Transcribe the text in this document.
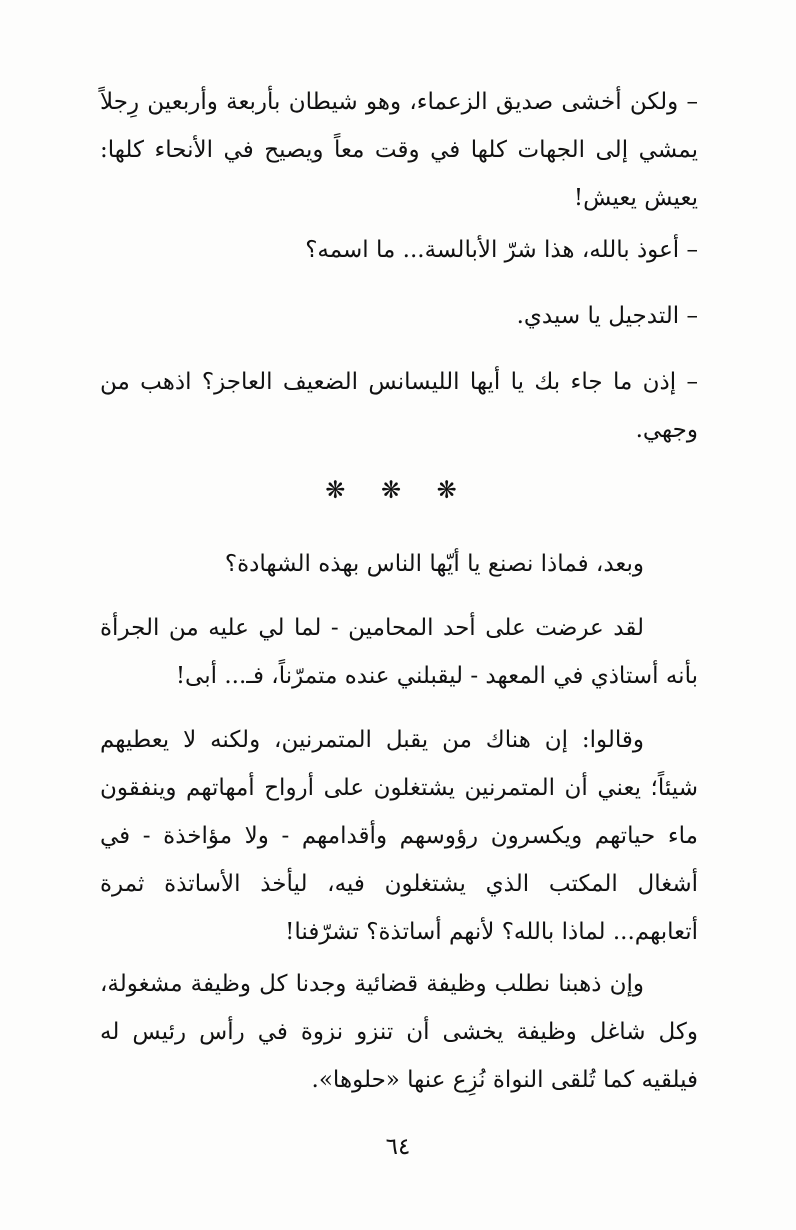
– ولكن أخشى صديق الزعماء، وهو شيطان بأربعة وأربعين رِجلاً يمشي إلى الجهات كلها في وقت معاً ويصيح في الأنحاء كلها: يعيش يعيش!

– أعوذ بالله، هذا شرّ الأبالسة... ما اسمه؟

– التدجيل يا سيدي.

– إذن ما جاء بك يا أيها الليسانس الضعيف العاجز؟ اذهب من وجهي.

❋ ❋ ❋

وبعد، فماذا نصنع يا أيّها الناس بهذه الشهادة؟

لقد عرضت على أحد المحامين - لما لي عليه من الجرأة بأنه أستاذي في المعهد - ليقبلني عنده متمرّناً، فـ... أبى!

وقالوا: إن هناك من يقبل المتمرنين، ولكنه لا يعطيهم شيئاً؛ يعني أن المتمرنين يشتغلون على أرواح أمهاتهم وينفقون ماء حياتهم ويكسرون رؤوسهم وأقدامهم - ولا مؤاخذة - في أشغال المكتب الذي يشتغلون فيه، ليأخذ الأساتذة ثمرة أتعابهم... لماذا بالله؟ لأنهم أساتذة؟ تشرّفنا!

وإن ذهبنا نطلب وظيفة قضائية وجدنا كل وظيفة مشغولة، وكل شاغل وظيفة يخشى أن تنزو نزوة في رأس رئيس له فيلقيه كما تُلقى النواة نُزِع عنها «حلوها».

٦٤
